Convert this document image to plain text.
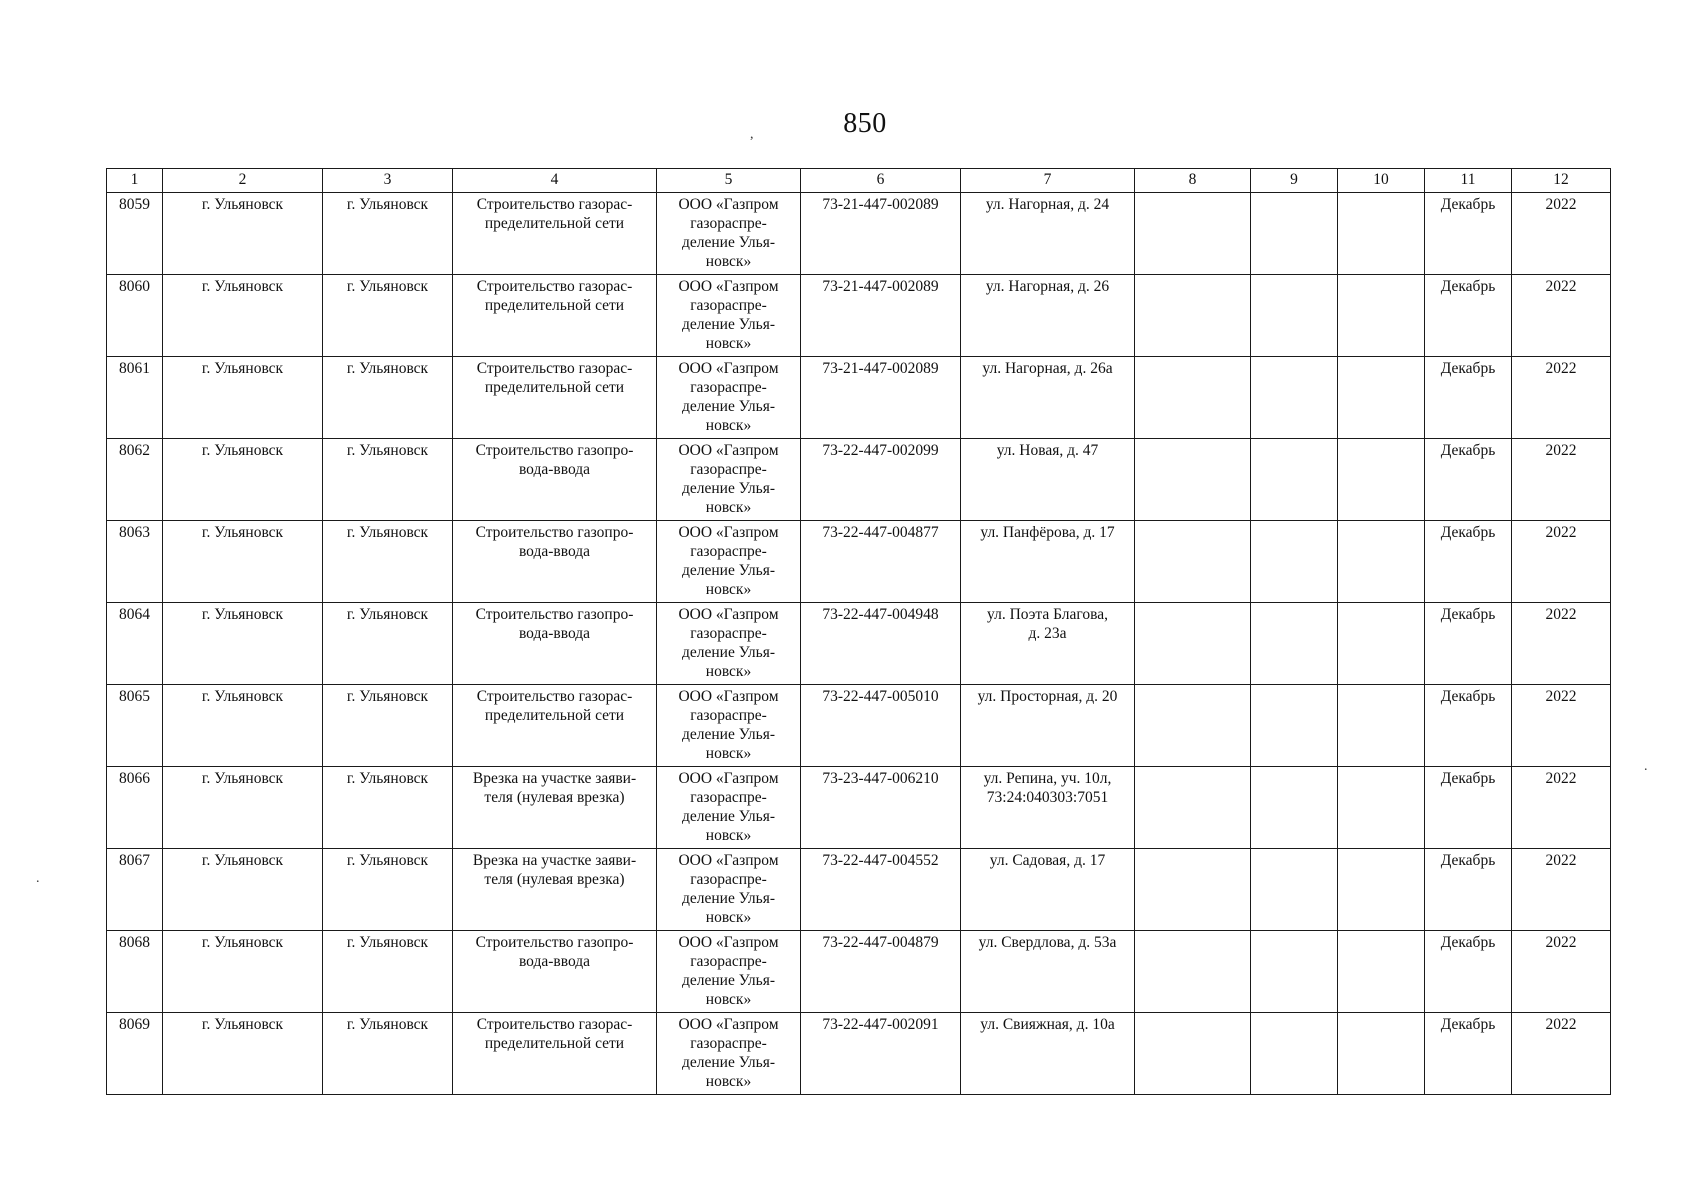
850
,
.
.
1	2	3	4	5	6	7	8	9	10	11	12
8059	г. Ульяновск	г. Ульяновск	Строительство газорас-
пределительной сети	ООО «Газпром
газораспре-
деление Улья-
новск»	73-21-447-002089	ул. Нагорная, д. 24				Декабрь	2022
8060	г. Ульяновск	г. Ульяновск	Строительство газорас-
пределительной сети	ООО «Газпром
газораспре-
деление Улья-
новск»	73-21-447-002089	ул. Нагорная, д. 26				Декабрь	2022
8061	г. Ульяновск	г. Ульяновск	Строительство газорас-
пределительной сети	ООО «Газпром
газораспре-
деление Улья-
новск»	73-21-447-002089	ул. Нагорная, д. 26а				Декабрь	2022
8062	г. Ульяновск	г. Ульяновск	Строительство газопро-
вода-ввода	ООО «Газпром
газораспре-
деление Улья-
новск»	73-22-447-002099	ул. Новая, д. 47				Декабрь	2022
8063	г. Ульяновск	г. Ульяновск	Строительство газопро-
вода-ввода	ООО «Газпром
газораспре-
деление Улья-
новск»	73-22-447-004877	ул. Панфёрова, д. 17				Декабрь	2022
8064	г. Ульяновск	г. Ульяновск	Строительство газопро-
вода-ввода	ООО «Газпром
газораспре-
деление Улья-
новск»	73-22-447-004948	ул. Поэта Благова,
д. 23а				Декабрь	2022
8065	г. Ульяновск	г. Ульяновск	Строительство газорас-
пределительной сети	ООО «Газпром
газораспре-
деление Улья-
новск»	73-22-447-005010	ул. Просторная, д. 20				Декабрь	2022
8066	г. Ульяновск	г. Ульяновск	Врезка на участке заяви-
теля (нулевая врезка)	ООО «Газпром
газораспре-
деление Улья-
новск»	73-23-447-006210	ул. Репина, уч. 10л,
73:24:040303:7051				Декабрь	2022
8067	г. Ульяновск	г. Ульяновск	Врезка на участке заяви-
теля (нулевая врезка)	ООО «Газпром
газораспре-
деление Улья-
новск»	73-22-447-004552	ул. Садовая, д. 17				Декабрь	2022
8068	г. Ульяновск	г. Ульяновск	Строительство газопро-
вода-ввода	ООО «Газпром
газораспре-
деление Улья-
новск»	73-22-447-004879	ул. Свердлова, д. 53а				Декабрь	2022
8069	г. Ульяновск	г. Ульяновск	Строительство газорас-
пределительной сети	ООО «Газпром
газораспре-
деление Улья-
новск»	73-22-447-002091	ул. Свияжная, д. 10а				Декабрь	2022
